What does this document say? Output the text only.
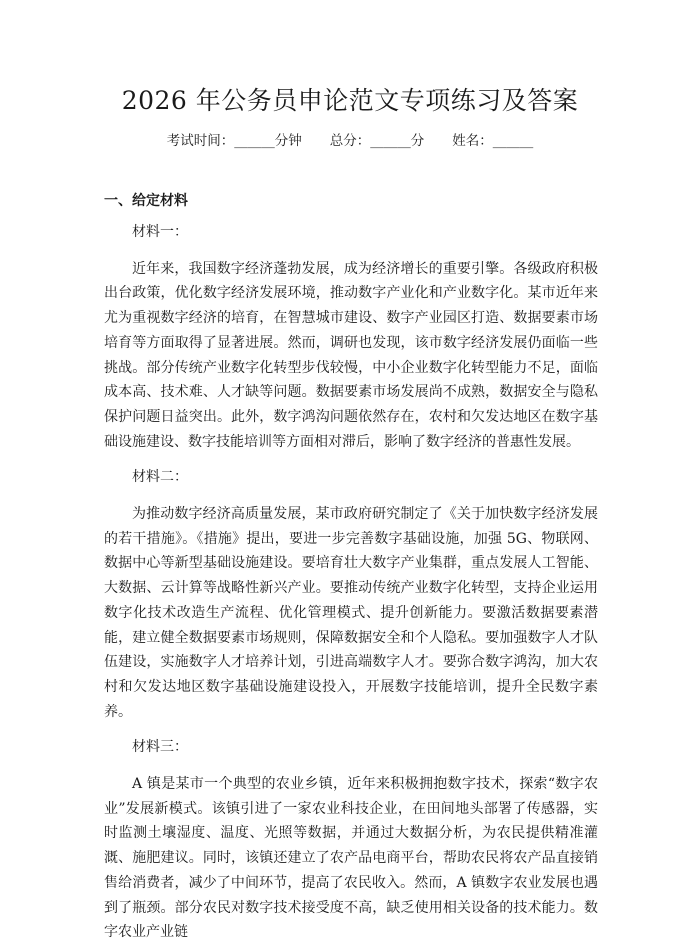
2026 年公务员申论范文专项练习及答案
考试时间：______分钟 总分：______分 姓名：______
一、给定材料

材料一：

近年来，我国数字经济蓬勃发展，成为经济增长的重要引擎。各级政府积极出台政策，优化数字经济发展环境，推动数字产业化和产业数字化。某市近年来尤为重视数字经济的培育，在智慧城市建设、数字产业园区打造、数据要素市场培育等方面取得了显著进展。然而，调研也发现，该市数字经济发展仍面临一些挑战。部分传统产业数字化转型步伐较慢，中小企业数字化转型能力不足，面临成本高、技术难、人才缺等问题。数据要素市场发展尚不成熟，数据安全与隐私保护问题日益突出。此外，数字鸿沟问题依然存在，农村和欠发达地区在数字基础设施建设、数字技能培训等方面相对滞后，影响了数字经济的普惠性发展。

材料二：

为推动数字经济高质量发展，某市政府研究制定了《关于加快数字经济发展的若干措施》。《措施》提出，要进一步完善数字基础设施，加强 5G、物联网、数据中心等新型基础设施建设。要培育壮大数字产业集群，重点发展人工智能、大数据、云计算等战略性新兴产业。要推动传统产业数字化转型，支持企业运用数字化技术改造生产流程、优化管理模式、提升创新能力。要激活数据要素潜能，建立健全数据要素市场规则，保障数据安全和个人隐私。要加强数字人才队伍建设，实施数字人才培养计划，引进高端数字人才。要弥合数字鸿沟，加大农村和欠发达地区数字基础设施建设投入，开展数字技能培训，提升全民数字素养。

材料三：

A 镇是某市一个典型的农业乡镇，近年来积极拥抱数字技术，探索“数字农业”发展新模式。该镇引进了一家农业科技企业，在田间地头部署了传感器，实时监测土壤湿度、温度、光照等数据，并通过大数据分析，为农民提供精准灌溉、施肥建议。同时，该镇还建立了农产品电商平台，帮助农民将农产品直接销售给消费者，减少了中间环节，提高了农民收入。然而，A 镇数字农业发展也遇到了瓶颈。部分农民对数字技术接受度不高，缺乏使用相关设备的技术能力。数字农业产业链
